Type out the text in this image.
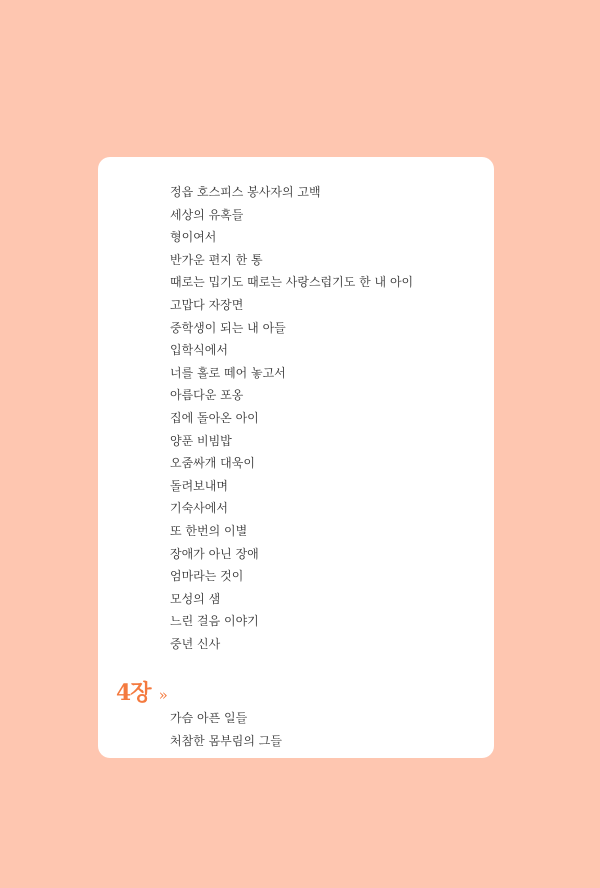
정읍 호스피스 봉사자의 고백
세상의 유혹들
형이여서
반가운 편지 한 통
때로는 밉기도 때로는 사랑스럽기도 한 내 아이
고맙다 자장면
중학생이 되는 내 아들
입학식에서
너를 홀로 떼어 놓고서
아름다운 포옹
집에 돌아온 아이
양푼 비빔밥
오줌싸개 대욱이
돌려보내며
기숙사에서
또 한번의 이별
장애가 아닌 장애
엄마라는 것이
모성의 샘
느린 걸음 이야기
중년 신사
4장 »
가슴 아픈 일들
처참한 몸부림의 그들
